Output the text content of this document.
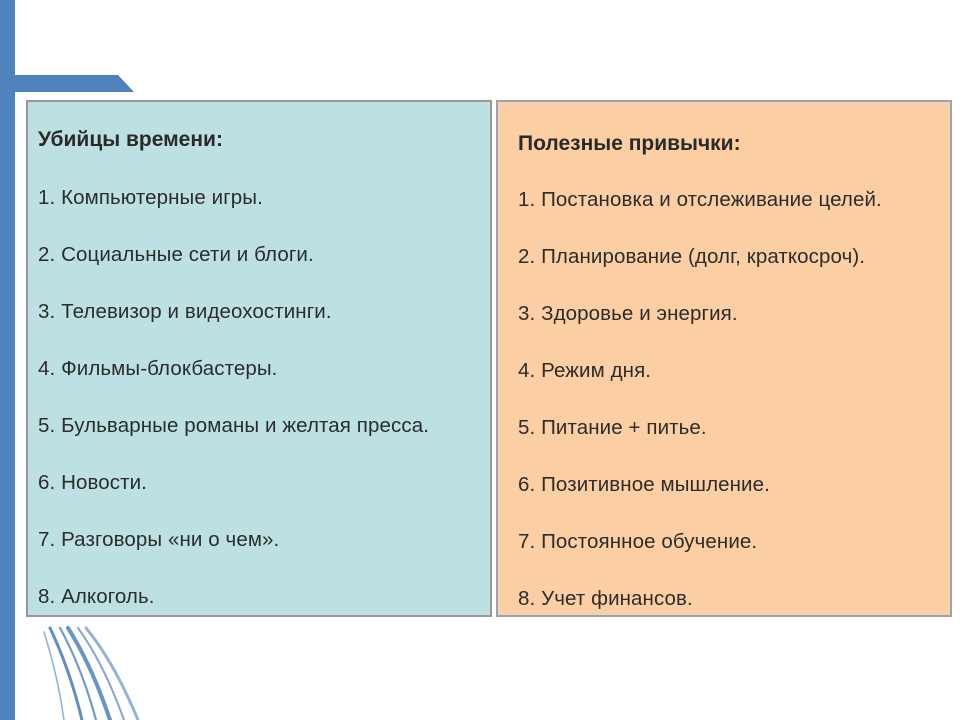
Убийцы времени:
1. Компьютерные игры.
2. Социальные сети и блоги.
3. Телевизор и видеохостинги.
4. Фильмы-блокбастеры.
5. Бульварные романы и желтая пресса.
6. Новости.
7. Разговоры «ни о чем».
8. Алкоголь.
Полезные привычки:
1. Постановка и отслеживание целей.
2. Планирование (долг, краткосроч).
3. Здоровье и энергия.
4. Режим дня.
5. Питание + питье.
6. Позитивное мышление.
7. Постоянное обучение.
8. Учет финансов.
